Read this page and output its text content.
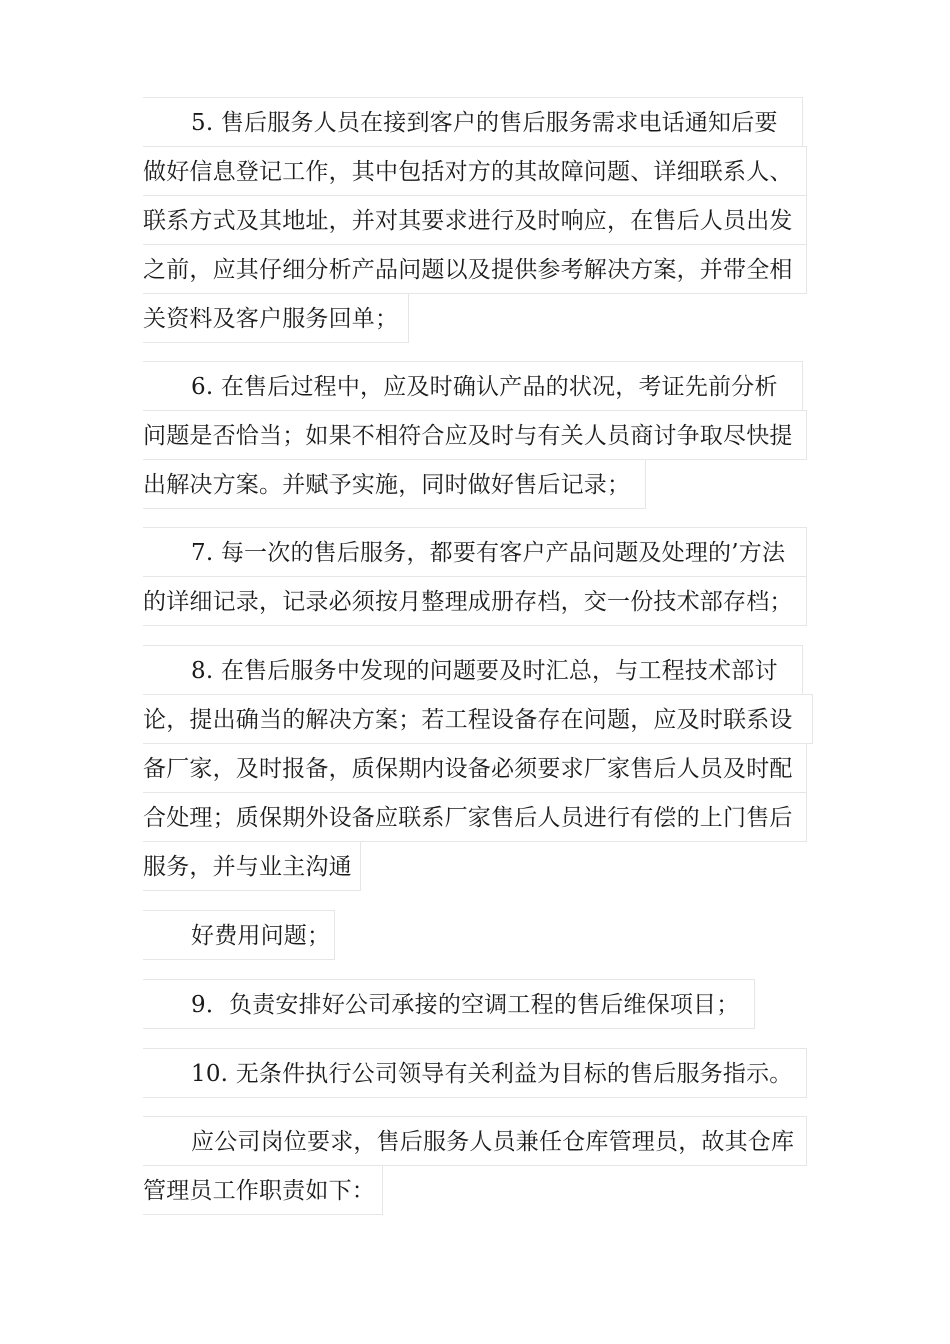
5. 售后服务人员在接到客户的售后服务需求电话通知后要
做好信息登记工作，其中包括对方的其故障问题、详细联系人、
联系方式及其地址，并对其要求进行及时响应，在售后人员出发
之前，应其仔细分析产品问题以及提供参考解决方案，并带全相
关资料及客户服务回单；
6. 在售后过程中，应及时确认产品的状况，考证先前分析
问题是否恰当；如果不相符合应及时与有关人员商讨争取尽快提
出解决方案。并赋予实施，同时做好售后记录；
7. 每一次的售后服务，都要有客户产品问题及处理的’方法
的详细记录，记录必须按月整理成册存档，交一份技术部存档；
8. 在售后服务中发现的问题要及时汇总，与工程技术部讨
论，提出确当的解决方案；若工程设备存在问题，应及时联系设
备厂家，及时报备，质保期内设备必须要求厂家售后人员及时配
合处理；质保期外设备应联系厂家售后人员进行有偿的上门售后
服务，并与业主沟通
好费用问题；
9．负责安排好公司承接的空调工程的售后维保项目；
10. 无条件执行公司领导有关利益为目标的售后服务指示。
应公司岗位要求，售后服务人员兼任仓库管理员，故其仓库
管理员工作职责如下：
